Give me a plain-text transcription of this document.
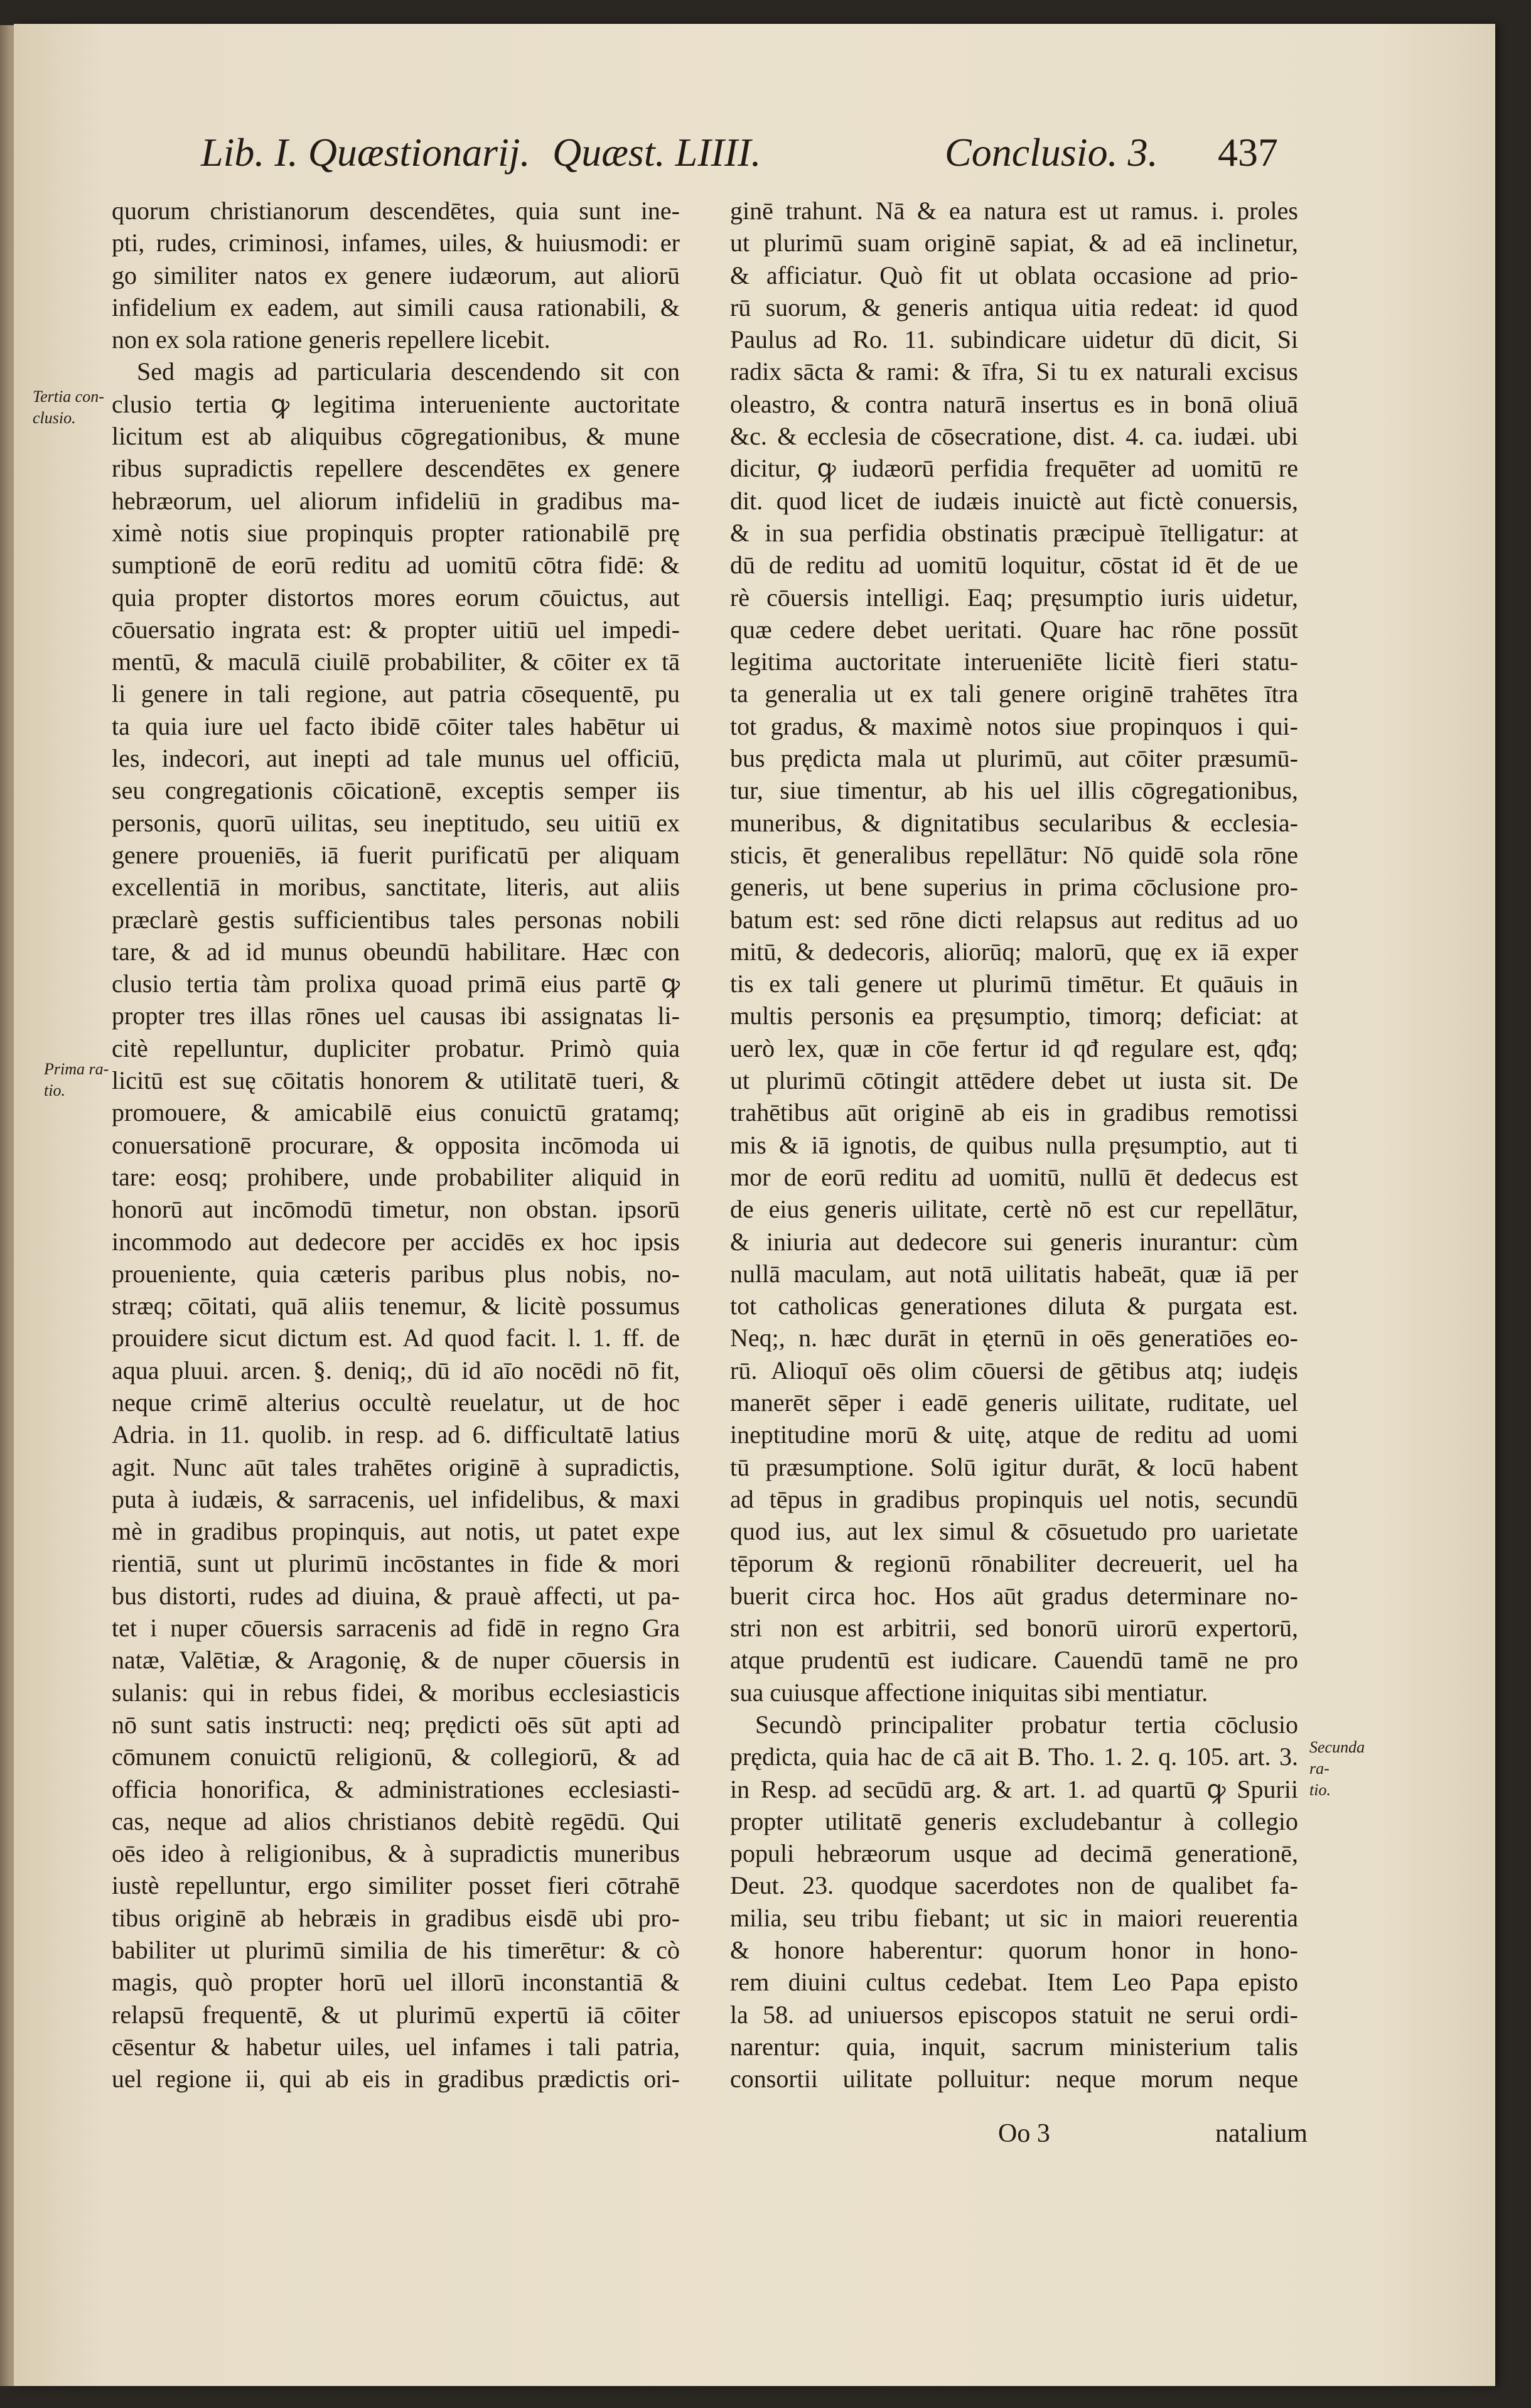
Lib. I. Quæstionarij. Quæst. LIIII.	Conclusio. 3. 437
Tertia con-
clusio.
Prima ra-
tio.
Secunda ra-
tio.
quorum christianorum descendētes, quia sunt ine-
pti, rudes, criminosi, infames, uiles, & huiusmodi: er
go similiter natos ex genere iudæorum, aut aliorū
infidelium ex eadem, aut simili causa rationabili, &
non ex sola ratione generis repellere licebit.
Sed magis ad particularia descendendo sit con
clusio tertia ꝙ legitima interueniente auctoritate
licitum est ab aliquibus cōgregationibus, & mune
ribus supradictis repellere descendētes ex genere
hebræorum, uel aliorum infideliū in gradibus ma-
ximè notis siue propinquis propter rationabilē prę
sumptionē de eorū reditu ad uomitū cōtra fidē: &
quia propter distortos mores eorum cōuictus, aut
cōuersatio ingrata est: & propter uitiū uel impedi-
mentū, & maculā ciuilē probabiliter, & cōiter ex tā
li genere in tali regione, aut patria cōsequentē, pu
ta quia iure uel facto ibidē cōiter tales habētur ui
les, indecori, aut inepti ad tale munus uel officiū,
seu congregationis cōicationē, exceptis semper iis
personis, quorū uilitas, seu ineptitudo, seu uitiū ex
genere proueniēs, iā fuerit purificatū per aliquam
excellentiā in moribus, sanctitate, literis, aut aliis
præclarè gestis sufficientibus tales personas nobili
tare, & ad id munus obeundū habilitare. Hæc con
clusio tertia tàm prolixa quoad primā eius partē ꝙ
propter tres illas rōnes uel causas ibi assignatas li-
citè repelluntur, dupliciter probatur. Primò quia
licitū est suę cōitatis honorem & utilitatē tueri, &
promouere, & amicabilē eius conuictū gratamq;
conuersationē procurare, & opposita incōmoda ui
tare: eosq; prohibere, unde probabiliter aliquid in
honorū aut incōmodū timetur, non obstan. ipsorū
incommodo aut dedecore per accidēs ex hoc ipsis
proueniente, quia cæteris paribus plus nobis, no-
stræq; cōitati, quā aliis tenemur, & licitè possumus
prouidere sicut dictum est. Ad quod facit. l. 1. ff. de
aqua pluui. arcen. §. deniq;, dū id aīo nocēdi nō fit,
neque crimē alterius occultè reuelatur, ut de hoc
Adria. in 11. quolib. in resp. ad 6. difficultatē latius
agit. Nunc aūt tales trahētes originē à supradictis,
puta à iudæis, & sarracenis, uel infidelibus, & maxi
mè in gradibus propinquis, aut notis, ut patet expe
rientiā, sunt ut plurimū incōstantes in fide & mori
bus distorti, rudes ad diuina, & prauè affecti, ut pa-
tet i nuper cōuersis sarracenis ad fidē in regno Gra
natæ, Valētiæ, & Aragonię, & de nuper cōuersis in
sulanis: qui in rebus fidei, & moribus ecclesiasticis
nō sunt satis instructi: neq; prędicti oēs sūt apti ad
cōmunem conuictū religionū, & collegiorū, & ad
officia honorifica, & administrationes ecclesiasti-
cas, neque ad alios christianos debitè regēdū. Qui
oēs ideo à religionibus, & à supradictis muneribus
iustè repelluntur, ergo similiter posset fieri cōtrahē
tibus originē ab hebræis in gradibus eisdē ubi pro-
babiliter ut plurimū similia de his timerētur: & cò
magis, quò propter horū uel illorū inconstantiā &
relapsū frequentē, & ut plurimū expertū iā cōiter
cēsentur & habetur uiles, uel infames i tali patria,
uel regione ii, qui ab eis in gradibus prædictis ori-
ginē trahunt. Nā & ea natura est ut ramus. i. proles
ut plurimū suam originē sapiat, & ad eā inclinetur,
& afficiatur. Quò fit ut oblata occasione ad prio-
rū suorum, & generis antiqua uitia redeat: id quod
Paulus ad Ro. 11. subindicare uidetur dū dicit, Si
radix sācta & rami: & īfra, Si tu ex naturali excisus
oleastro, & contra naturā insertus es in bonā oliuā
&c. & ecclesia de cōsecratione, dist. 4. ca. iudæi. ubi
dicitur, ꝙ iudæorū perfidia frequēter ad uomitū re
dit. quod licet de iudæis inuictè aut fictè conuersis,
& in sua perfidia obstinatis præcipuè ītelligatur: at
dū de reditu ad uomitū loquitur, cōstat id ēt de ue
rè cōuersis intelligi. Eaq; pręsumptio iuris uidetur,
quæ cedere debet ueritati. Quare hac rōne possūt
legitima auctoritate interueniēte licitè fieri statu-
ta generalia ut ex tali genere originē trahētes ītra
tot gradus, & maximè notos siue propinquos i qui-
bus prędicta mala ut plurimū, aut cōiter præsumū-
tur, siue timentur, ab his uel illis cōgregationibus,
muneribus, & dignitatibus secularibus & ecclesia-
sticis, ēt generalibus repellātur: Nō quidē sola rōne
generis, ut bene superius in prima cōclusione pro-
batum est: sed rōne dicti relapsus aut reditus ad uo
mitū, & dedecoris, aliorūq; malorū, quę ex iā exper
tis ex tali genere ut plurimū timētur. Et quāuis in
multis personis ea pręsumptio, timorq; deficiat: at
uerò lex, quæ in cōe fertur id qđ regulare est, qđq;
ut plurimū cōtingit attēdere debet ut iusta sit. De
trahētibus aūt originē ab eis in gradibus remotissi
mis & iā ignotis, de quibus nulla pręsumptio, aut ti
mor de eorū reditu ad uomitū, nullū ēt dedecus est
de eius generis uilitate, certè nō est cur repellātur,
& iniuria aut dedecore sui generis inurantur: cùm
nullā maculam, aut notā uilitatis habeāt, quæ iā per
tot catholicas generationes diluta & purgata est.
Neq;, n. hæc durāt in ęternū in oēs generatiōes eo-
rū. Alioquī oēs olim cōuersi de gētibus atq; iudęis
manerēt sēper i eadē generis uilitate, ruditate, uel
ineptitudine morū & uitę, atque de reditu ad uomi
tū præsumptione. Solū igitur durāt, & locū habent
ad tēpus in gradibus propinquis uel notis, secundū
quod ius, aut lex simul & cōsuetudo pro uarietate
tēporum & regionū rōnabiliter decreuerit, uel ha
buerit circa hoc. Hos aūt gradus determinare no-
stri non est arbitrii, sed bonorū uirorū expertorū,
atque prudentū est iudicare. Cauendū tamē ne pro
sua cuiusque affectione iniquitas sibi mentiatur.
Secundò principaliter probatur tertia cōclusio
prędicta, quia hac de cā ait B. Tho. 1. 2. q. 105. art. 3.
in Resp. ad secūdū arg. & art. 1. ad quartū ꝙ Spurii
propter utilitatē generis excludebantur à collegio
populi hebræorum usque ad decimā generationē,
Deut. 23. quodque sacerdotes non de qualibet fa-
milia, seu tribu fiebant; ut sic in maiori reuerentia
& honore haberentur: quorum honor in hono-
rem diuini cultus cedebat. Item Leo Papa episto
la 58. ad uniuersos episcopos statuit ne serui ordi-
narentur: quia, inquit, sacrum ministerium talis
consortii uilitate polluitur: neque morum neque
Oo 3	natalium
